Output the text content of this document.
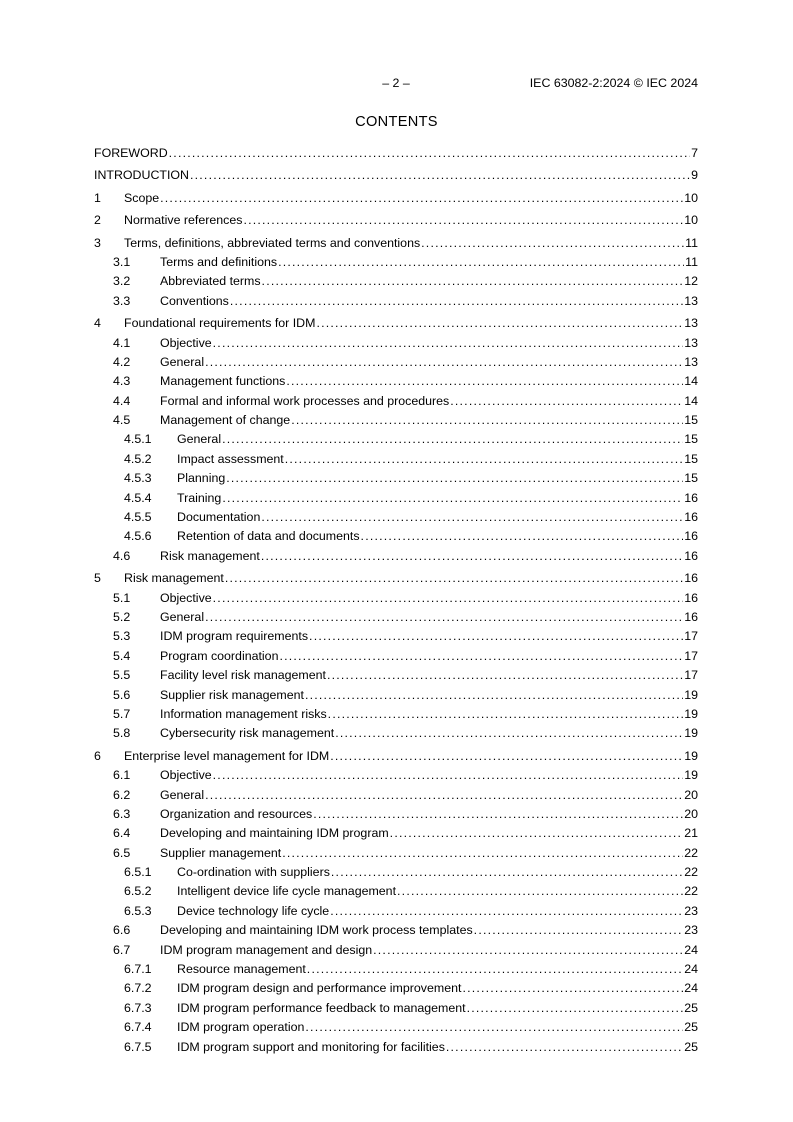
– 2 –	IEC 63082-2:2024 © IEC 2024
CONTENTS
FOREWORD .....	7
INTRODUCTION .....	9
1	Scope .....	10
2	Normative references .....	10
3	Terms, definitions, abbreviated terms and conventions .....	11
3.1	Terms and definitions .....	11
3.2	Abbreviated terms .....	12
3.3	Conventions .....	13
4	Foundational requirements for IDM .....	13
4.1	Objective .....	13
4.2	General .....	13
4.3	Management functions .....	14
4.4	Formal and informal work processes and procedures .....	14
4.5	Management of change .....	15
4.5.1	General .....	15
4.5.2	Impact assessment .....	15
4.5.3	Planning .....	15
4.5.4	Training .....	16
4.5.5	Documentation .....	16
4.5.6	Retention of data and documents .....	16
4.6	Risk management .....	16
5	Risk management .....	16
5.1	Objective .....	16
5.2	General .....	16
5.3	IDM program requirements .....	17
5.4	Program coordination .....	17
5.5	Facility level risk management .....	17
5.6	Supplier risk management .....	19
5.7	Information management risks .....	19
5.8	Cybersecurity risk management .....	19
6	Enterprise level management for IDM .....	19
6.1	Objective .....	19
6.2	General .....	20
6.3	Organization and resources .....	20
6.4	Developing and maintaining IDM program .....	21
6.5	Supplier management .....	22
6.5.1	Co-ordination with suppliers .....	22
6.5.2	Intelligent device life cycle management .....	22
6.5.3	Device technology life cycle .....	23
6.6	Developing and maintaining IDM work process templates .....	23
6.7	IDM program management and design .....	24
6.7.1	Resource management .....	24
6.7.2	IDM program design and performance improvement .....	24
6.7.3	IDM program performance feedback to management .....	25
6.7.4	IDM program operation .....	25
6.7.5	IDM program support and monitoring for facilities .....	25
